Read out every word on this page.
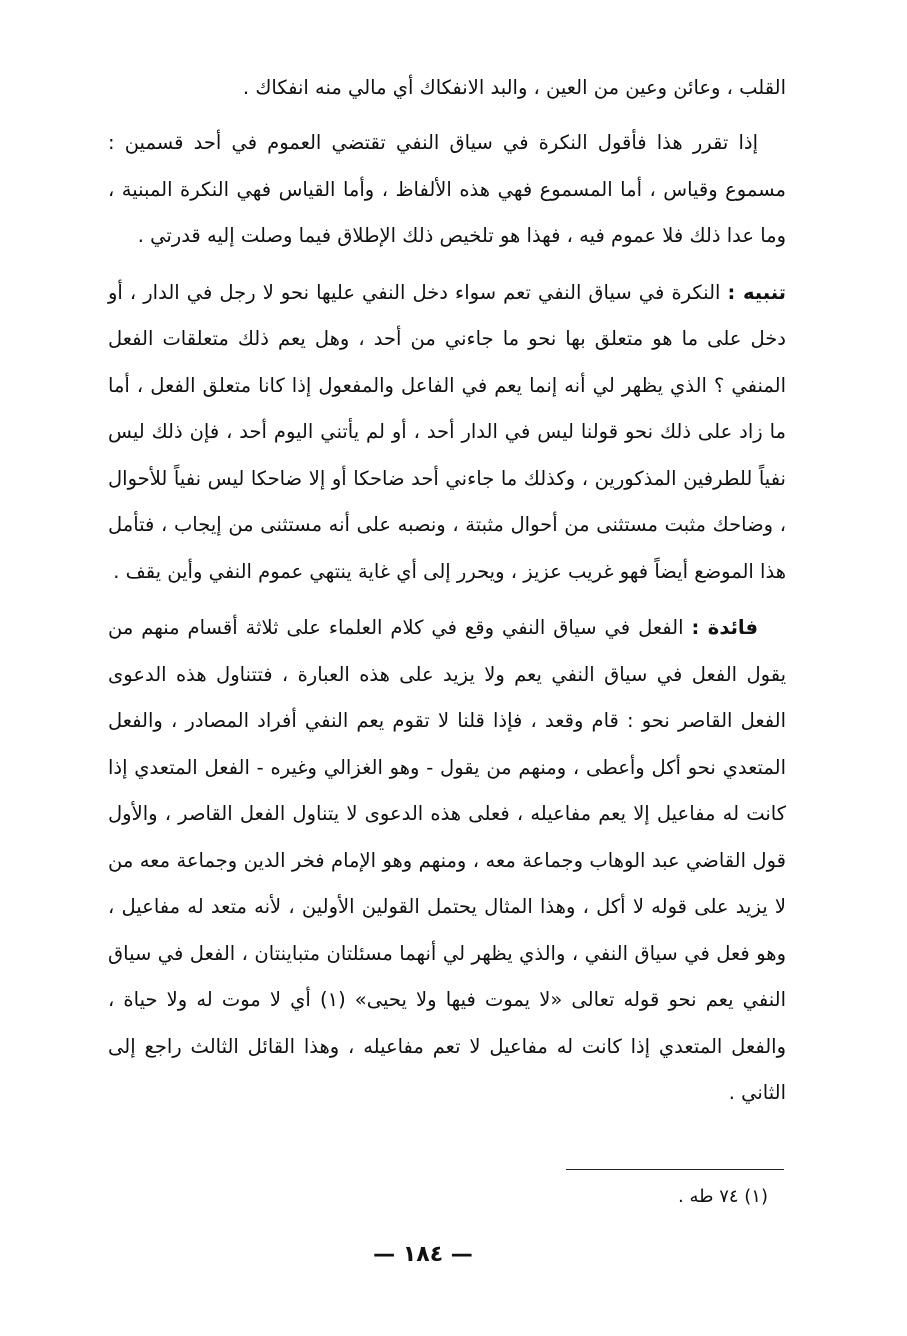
القلب ، وعائن وعين من العين ، والبد الانفكاك أي مالي منه انفكاك .

إذا تقرر هذا فأقول النكرة في سياق النفي تقتضي العموم في أحد قسمين : مسموع وقياس ، أما المسموع فهي هذه الألفاظ ، وأما القياس فهي النكرة المبنية ، وما عدا ذلك فلا عموم فيه ، فهذا هو تلخيص ذلك الإطلاق فيما وصلت إليه قدرتي .

تنبيه : النكرة في سياق النفي تعم سواء دخل النفي عليها نحو لا رجل في الدار ، أو دخل على ما هو متعلق بها نحو ما جاءني من أحد ، وهل يعم ذلك متعلقات الفعل المنفي ؟ الذي يظهر لي أنه إنما يعم في الفاعل والمفعول إذا كانا متعلق الفعل ، أما ما زاد على ذلك نحو قولنا ليس في الدار أحد ، أو لم يأتني اليوم أحد ، فإن ذلك ليس نفياً للطرفين المذكورين ، وكذلك ما جاءني أحد ضاحكا أو إلا ضاحكا ليس نفياً للأحوال ، وضاحك مثبت مستثنى من أحوال مثبتة ، ونصبه على أنه مستثنى من إيجاب ، فتأمل هذا الموضع أيضاً فهو غريب عزيز ، ويحرر إلى أي غاية ينتهي عموم النفي وأين يقف .

فائدة : الفعل في سياق النفي وقع في كلام العلماء على ثلاثة أقسام منهم من يقول الفعل في سياق النفي يعم ولا يزيد على هذه العبارة ، فتتناول هذه الدعوى الفعل القاصر نحو : قام وقعد ، فإذا قلنا لا تقوم يعم النفي أفراد المصادر ، والفعل المتعدي نحو أكل وأعطى ، ومنهم من يقول - وهو الغزالي وغيره - الفعل المتعدي إذا كانت له مفاعيل إلا يعم مفاعيله ، فعلى هذه الدعوى لا يتناول الفعل القاصر ، والأول قول القاضي عبد الوهاب وجماعة معه ، ومنهم وهو الإمام فخر الدين وجماعة معه من لا يزيد على قوله لا أكل ، وهذا المثال يحتمل القولين الأولين ، لأنه متعد له مفاعيل ، وهو فعل في سياق النفي ، والذي يظهر لي أنهما مسئلتان متباينتان ، الفعل في سياق النفي يعم نحو قوله تعالى «لا يموت فيها ولا يحيى» (١) أي لا موت له ولا حياة ، والفعل المتعدي إذا كانت له مفاعيل لا تعم مفاعيله ، وهذا القائل الثالث راجع إلى الثاني .

(١) ٧٤ طه .
— ١٨٤ —
